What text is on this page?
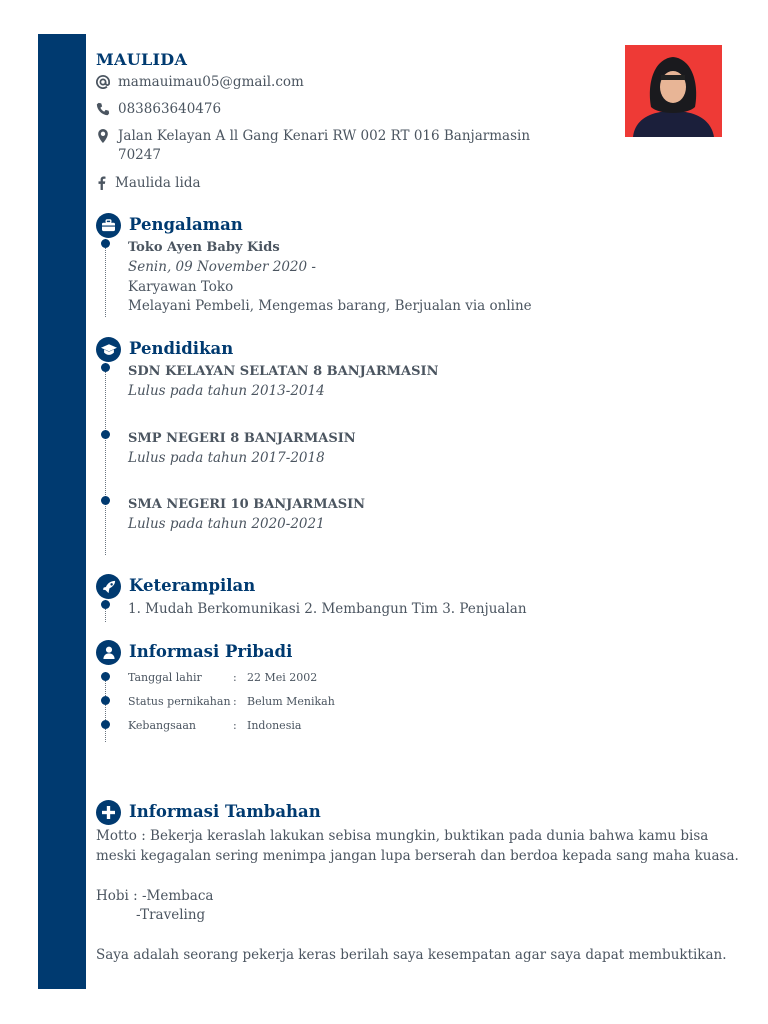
MAULIDA
mamauimau05@gmail.com
083863640476
Jalan Kelayan A ll Gang Kenari RW 002 RT 016 Banjarmasin
70247
Maulida lida
Pengalaman
Toko Ayen Baby Kids
Senin, 09 November 2020 -
Karyawan Toko
Melayani Pembeli, Mengemas barang, Berjualan via online
Pendidikan
SDN KELAYAN SELATAN 8 BANJARMASIN
Lulus pada tahun 2013-2014
SMP NEGERI 8 BANJARMASIN
Lulus pada tahun 2017-2018
SMA NEGERI 10 BANJARMASIN
Lulus pada tahun 2020-2021
Keterampilan
1. Mudah Berkomunikasi 2. Membangun Tim 3. Penjualan
Informasi Pribadi
Tanggal lahir	: 22 Mei 2002
Status pernikahan : Belum Menikah
Kebangsaan	: Indonesia
Informasi Tambahan
Motto : Bekerja keraslah lakukan sebisa mungkin, buktikan pada dunia bahwa kamu bisa
meski kegagalan sering menimpa jangan lupa berserah dan berdoa kepada sang maha kuasa.
Hobi : -Membaca
-Traveling
Saya adalah seorang pekerja keras berilah saya kesempatan agar saya dapat membuktikan.
